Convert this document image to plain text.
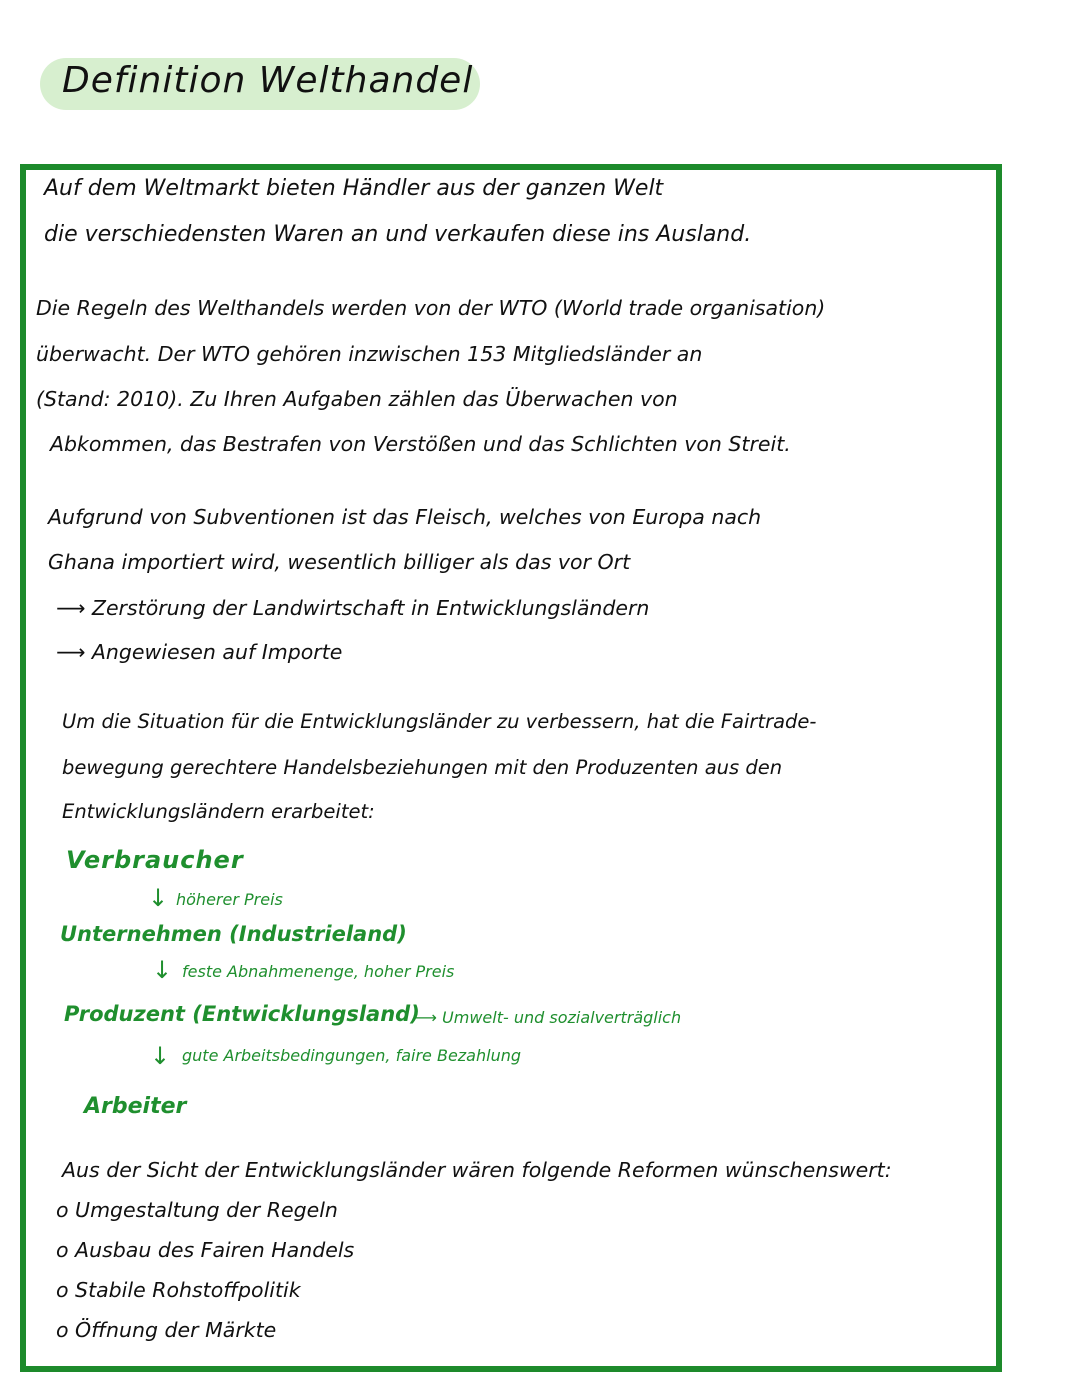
Definition Welthandel
Auf dem Weltmarkt bieten Händler aus der ganzen Welt
die verschiedensten Waren an und verkaufen diese ins Ausland.
Die Regeln des Welthandels werden von der WTO (World trade organisation)
überwacht. Der WTO gehören inzwischen 153 Mitgliedsländer an
(Stand: 2010). Zu Ihren Aufgaben zählen das Überwachen von
Abkommen, das Bestrafen von Verstößen und das Schlichten von Streit.
Aufgrund von Subventionen ist das Fleisch, welches von Europa nach
Ghana importiert wird, wesentlich billiger als das vor Ort
⟶ Zerstörung der Landwirtschaft in Entwicklungsländern
⟶ Angewiesen auf Importe
Um die Situation für die Entwicklungsländer zu verbessern, hat die Fairtrade-
bewegung gerechtere Handelsbeziehungen mit den Produzenten aus den
Entwicklungsländern erarbeitet:
Verbraucher
↓ höherer Preis
Unternehmen (Industrieland)
↓ feste Abnahmenenge, hoher Preis
Produzent (Entwicklungsland)
⟶ Umwelt- und sozialverträglich
↓ gute Arbeitsbedingungen, faire Bezahlung
Arbeiter
Aus der Sicht der Entwicklungsländer wären folgende Reformen wünschenswert:
o Umgestaltung der Regeln
o Ausbau des Fairen Handels
o Stabile Rohstoffpolitik
o Öffnung der Märkte
